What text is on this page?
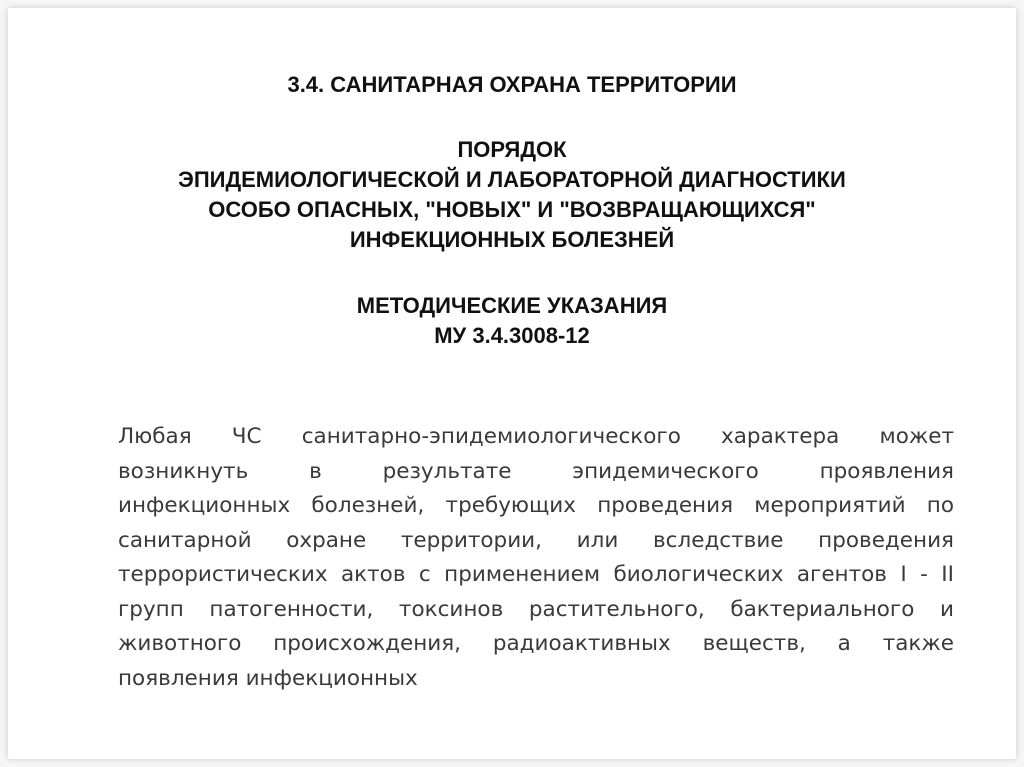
3.4. САНИТАРНАЯ ОХРАНА ТЕРРИТОРИИ
ПОРЯДОК
ЭПИДЕМИОЛОГИЧЕСКОЙ И ЛАБОРАТОРНОЙ ДИАГНОСТИКИ
ОСОБО ОПАСНЫХ, "НОВЫХ" И "ВОЗВРАЩАЮЩИХСЯ"
ИНФЕКЦИОННЫХ БОЛЕЗНЕЙ
МЕТОДИЧЕСКИЕ УКАЗАНИЯ
МУ 3.4.3008-12
Любая ЧС санитарно-эпидемиологического характера может
возникнуть в результате эпидемического проявления
инфекционных болезней, требующих проведения мероприятий по
санитарной охране территории, или вследствие проведения
террористических актов с применением биологических агентов I - II
групп патогенности, токсинов растительного, бактериального и
животного происхождения, радиоактивных веществ, а также
появления инфекционных
